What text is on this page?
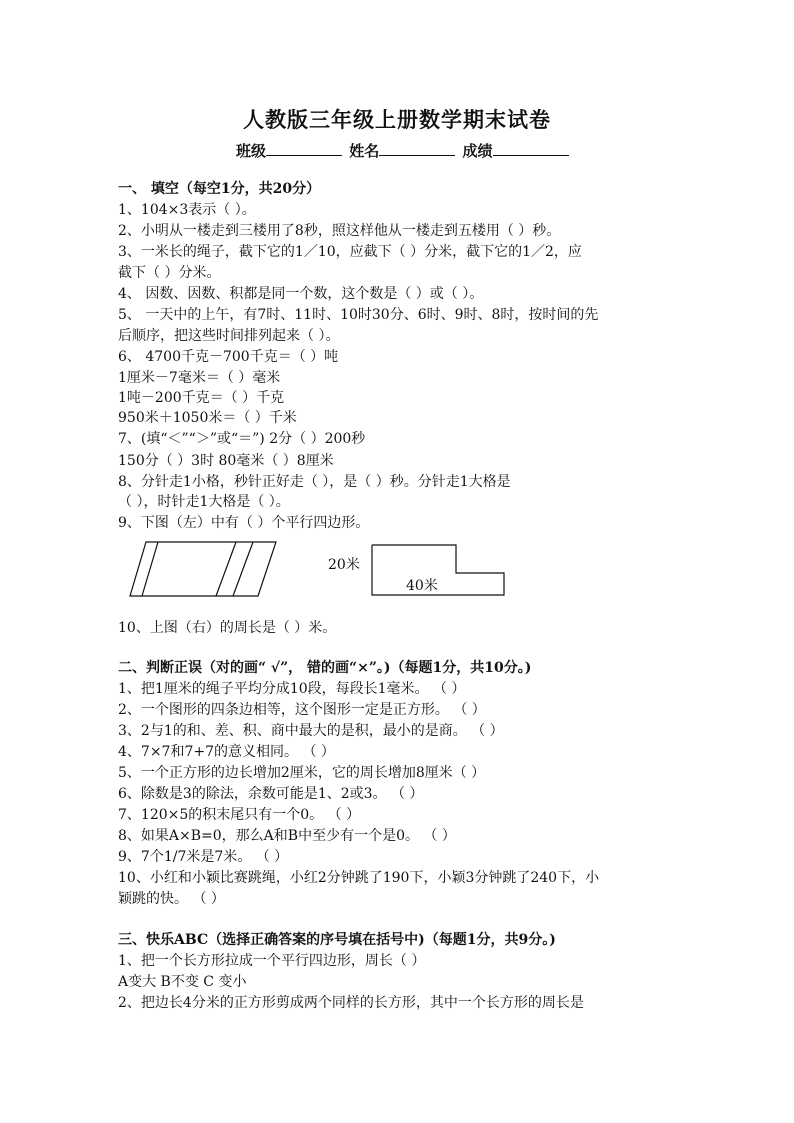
人教版三年级上册数学期末试卷
班级	姓名	成绩
一、 填空（每空1分，共20分）
1、104×3表示（ ）。
2、小明从一楼走到三楼用了8秒，照这样他从一楼走到五楼用（ ）秒。
3、一米长的绳子，截下它的1／10，应截下（ ）分米，截下它的1／2，应
截下（ ）分米。
4、 因数、因数、积都是同一个数，这个数是（ ）或（ ）。
5、 一天中的上午，有7时、11时、10时30分、6时、9时、8时，按时间的先
后顺序，把这些时间排列起来（ ）。
6、 4700千克－700千克＝（ ）吨
1厘米－7毫米＝（ ）毫米
1吨－200千克＝（ ）千克
950米＋1050米＝（ ）千米
7、(填“＜”“＞”或“＝”) 2分（ ）200秒
150分（ ）3时 80毫米（ ）8厘米
8、分针走1小格，秒针正好走（ ），是（ ）秒。分针走1大格是
（ ），时针走1大格是（ ）。
9、下图（左）中有（ ）个平行四边形。
20米
40米
10、上图（右）的周长是（ ）米。
二、判断正误（对的画“ √”， 错的画“×”。)（每题1分，共10分。)
1、把1厘米的绳子平均分成10段，每段长1毫米。 （ ）
2、一个图形的四条边相等，这个图形一定是正方形。 （ ）
3、2与1的和、差、积、商中最大的是积，最小的是商。 （ ）
4、7×7和7+7的意义相同。 （ ）
5、一个正方形的边长增加2厘米，它的周长增加8厘米（ ）
6、除数是3的除法，余数可能是1、2或3。 （ ）
7、120×5的积末尾只有一个0。 （ ）
8、如果A×B=0，那么A和B中至少有一个是0。 （ ）
9、7个1/7米是7米。 （ ）
10、小红和小颖比赛跳绳，小红2分钟跳了190下，小颖3分钟跳了240下，小
颖跳的快。 （ ）
三、快乐ABC（选择正确答案的序号填在括号中)（每题1分，共9分。)
1、把一个长方形拉成一个平行四边形，周长（ ）
A变大 B不变 C 变小
2、把边长4分米的正方形剪成两个同样的长方形，其中一个长方形的周长是
